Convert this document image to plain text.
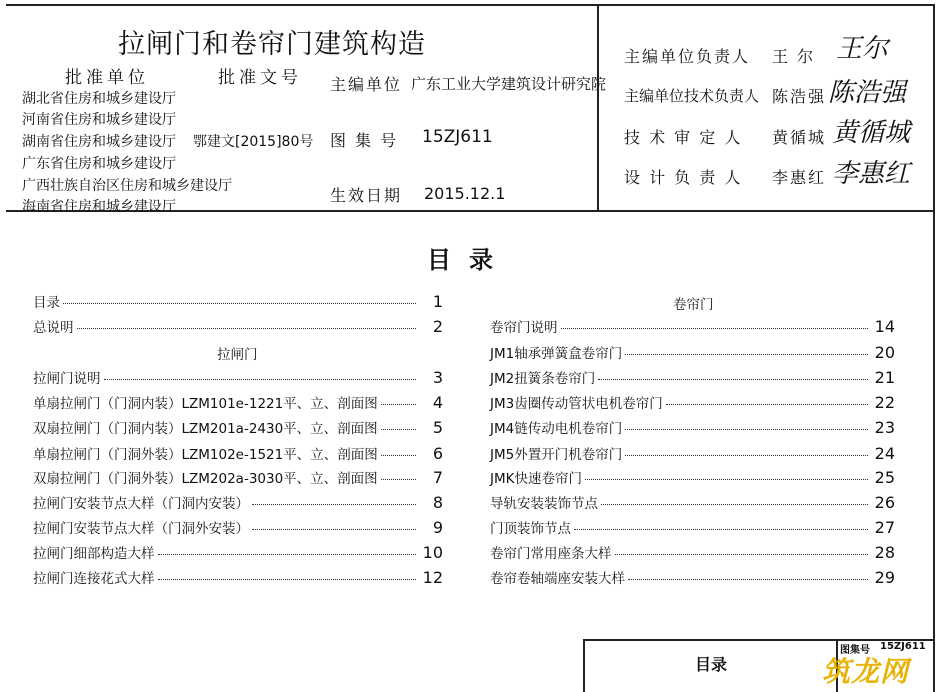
拉闸门和卷帘门建筑构造
批准单位	批准文号
湖北省住房和城乡建设厅
河南省住房和城乡建设厅
湖南省住房和城乡建设厅
广东省住房和城乡建设厅
广西壮族自治区住房和城乡建设厅
海南省住房和城乡建设厅
鄂建文[2015]80号
主编单位 广东工业大学建筑设计研究院
图 集 号 15ZJ611
生效日期 2015.12.1
主编单位负责人 王 尔 王尔
主编单位技术负责人 陈浩强 陈浩强
技 术 审 定 人 黄循城 黄循城
设 计 负 责 人 李惠红 李惠红
目录
目录	1
总说明	2
拉闸门
拉闸门说明	3
单扇拉闸门（门洞内装）LZM101e-1221平、立、剖面图	4
双扇拉闸门（门洞内装）LZM201a-2430平、立、剖面图	5
单扇拉闸门（门洞外装）LZM102e-1521平、立、剖面图	6
双扇拉闸门（门洞外装）LZM202a-3030平、立、剖面图	7
拉闸门安装节点大样（门洞内安装）	8
拉闸门安装节点大样（门洞外安装）	9
拉闸门细部构造大样	10
拉闸门连接花式大样	12
卷帘门
卷帘门说明	14
JM1轴承弹簧盒卷帘门	20
JM2扭簧条卷帘门	21
JM3齿圈传动管状电机卷帘门	22
JM4链传动电机卷帘门	23
JM5外置开门机卷帘门	24
JMK快速卷帘门	25
导轨安装装饰节点	26
门顶装饰节点	27
卷帘门常用座条大样	28
卷帘卷轴端座安装大样	29
目录
图集号 15ZJ611
筑龙网
